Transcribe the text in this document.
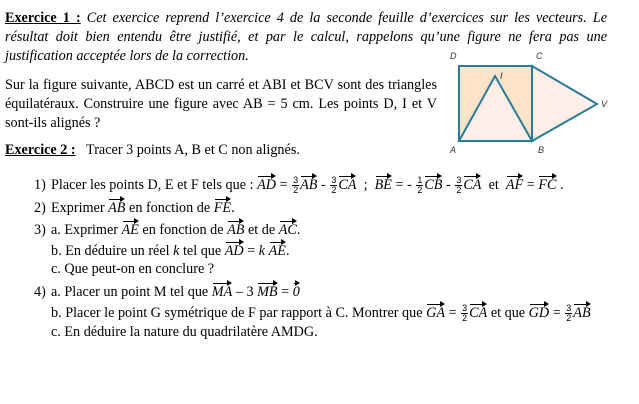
Exercice 1 : Cet exercice reprend l’exercice 4 de la seconde feuille d’exercices sur les vecteurs. Le résultat doit bien entendu être justifié, et par le calcul, rappelons qu’une figure ne fera pas une justification acceptée lors de la correction.
Sur la figure suivante, ABCD est un carré et ABI et BCV sont des triangles équilatéraux. Construire une figure avec AB = 5 cm. Les points D, I et V sont-ils alignés ?
D	C
I
V
A	B
Exercice 2 : Tracer 3 points A, B et C non alignés.
1) Placer les points D, E et F tels que : AD = $\frac{3}{2}$ AB - $\frac{3}{2}$ CA  ;  BE = - $\frac{1}{2}$ CB - $\frac{3}{2}$ CA  et  AF = FC .
2) Exprimer AB en fonction de FE.
3) a. Exprimer AE en fonction de AB et de AC.
b. En déduire un réel k tel que AD = k AE.
c. Que peut-on en conclure ?
4) a. Placer un point M tel que MA – 3 MB = 0
b. Placer le point G symétrique de F par rapport à C. Montrer que GA = $\frac{3}{2}$ CA et que GD = $\frac{3}{2}$ AB
c. En déduire la nature du quadrilatère AMDG.
